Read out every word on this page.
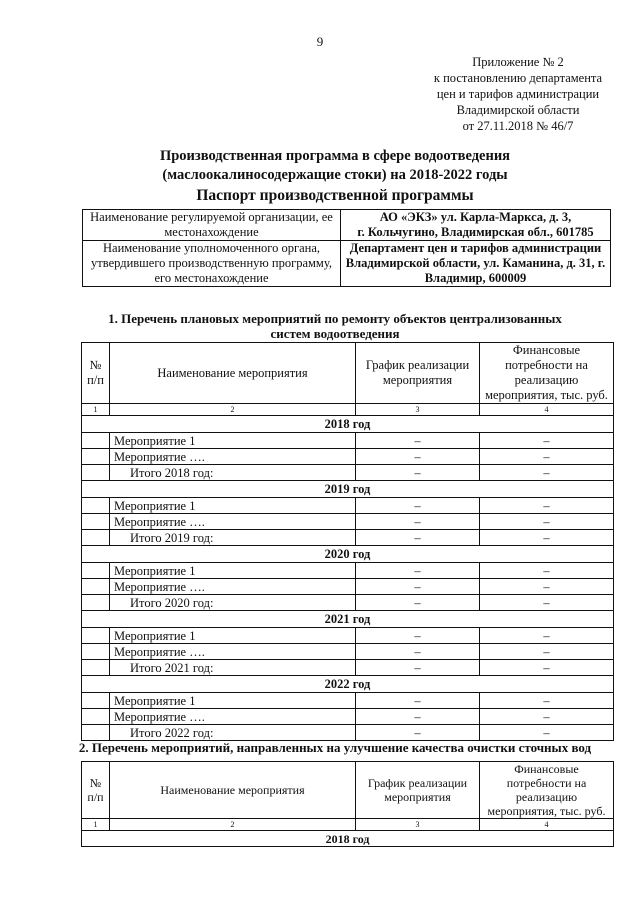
9
Приложение № 2
к постановлению департамента
цен и тарифов администрации
Владимирской области
от 27.11.2018 № 46/7
Производственная программа в сфере водоотведения
(маслоокалиносодержащие стоки) на 2018-2022 годы
Паспорт производственной программы
Наименование регулируемой организации, ее местонахождение	АО «ЭКЗ» ул. Карла-Маркса, д. 3,
г. Кольчугино, Владимирская обл., 601785

Наименование уполномоченного органа, утвердившего производственную программу, его местонахождение	Департамент цен и тарифов администрации Владимирской области, ул. Каманина, д. 31, г. Владимир, 600009
1. Перечень плановых мероприятий по ремонту объектов централизованных
систем водоотведения
№ п/п	Наименование мероприятия	График реализации мероприятия	Финансовые потребности на реализацию мероприятия, тыс. руб.
1	2	3	4
2018 год			
	Мероприятие 1	–	–
	Мероприятие ….	–	–
	Итого 2018 год:	–	–
2019 год			
	Мероприятие 1	–	–
	Мероприятие ….	–	–
	Итого 2019 год:	–	–
2020 год			
	Мероприятие 1	–	–
	Мероприятие ….	–	–
	Итого 2020 год:	–	–
2021 год			
	Мероприятие 1	–	–
	Мероприятие ….	–	–
	Итого 2021 год:	–	–
2022 год			
	Мероприятие 1	–	–
	Мероприятие ….	–	–
	Итого 2022 год:	–	–
2. Перечень мероприятий, направленных на улучшение качества очистки сточных вод
№ п/п	Наименование мероприятия	График реализации мероприятия	Финансовые потребности на реализацию мероприятия, тыс. руб.
1	2	3	4
2018 год			
